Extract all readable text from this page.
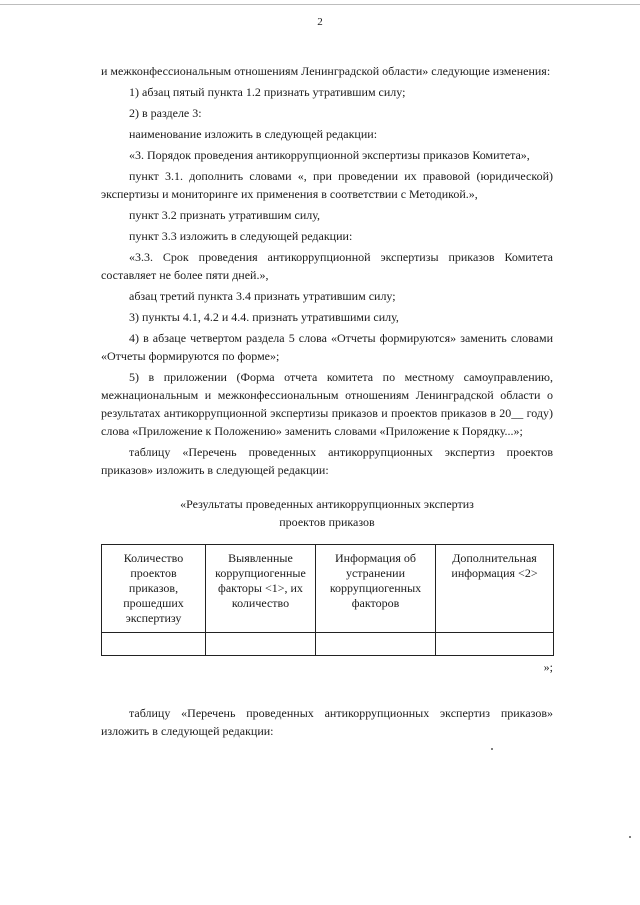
2

и межконфессиональным отношениям Ленинградской области» следующие изменения:

1) абзац пятый пункта 1.2 признать утратившим силу;

2) в разделе 3:

наименование изложить в следующей редакции:

«3. Порядок проведения антикоррупционной экспертизы приказов Комитета»,

пункт 3.1. дополнить словами «, при проведении их правовой (юридической) экспертизы и мониторинге их применения в соответствии с Методикой.»,

пункт 3.2 признать утратившим силу,

пункт 3.3 изложить в следующей редакции:

«3.3. Срок проведения антикоррупционной экспертизы приказов Комитета составляет не более пяти дней.»,

абзац третий пункта 3.4 признать утратившим силу;

3) пункты 4.1, 4.2 и 4.4. признать утратившими силу,

4) в абзаце четвертом раздела 5 слова «Отчеты формируются» заменить словами «Отчеты формируются по форме»;

5) в приложении (Форма отчета комитета по местному самоуправлению, межнациональным и межконфессиональным отношениям Ленинградской области о результатах антикоррупционной экспертизы приказов и проектов приказов в 20__ году) слова «Приложение к Положению» заменить словами «Приложение к Порядку...»;

таблицу «Перечень проведенных антикоррупционных экспертиз проектов приказов» изложить в следующей редакции:

«Результаты проведенных антикоррупционных экспертиз
проектов приказов
Количество проектов приказов, прошедших экспертизу	Выявленные коррупциогенные факторы <1>, их количество	Информация об устранении коррупциогенных факторов	Дополнительная информация <2>

»;

таблицу «Перечень проведенных антикоррупционных экспертиз приказов» изложить в следующей редакции:
